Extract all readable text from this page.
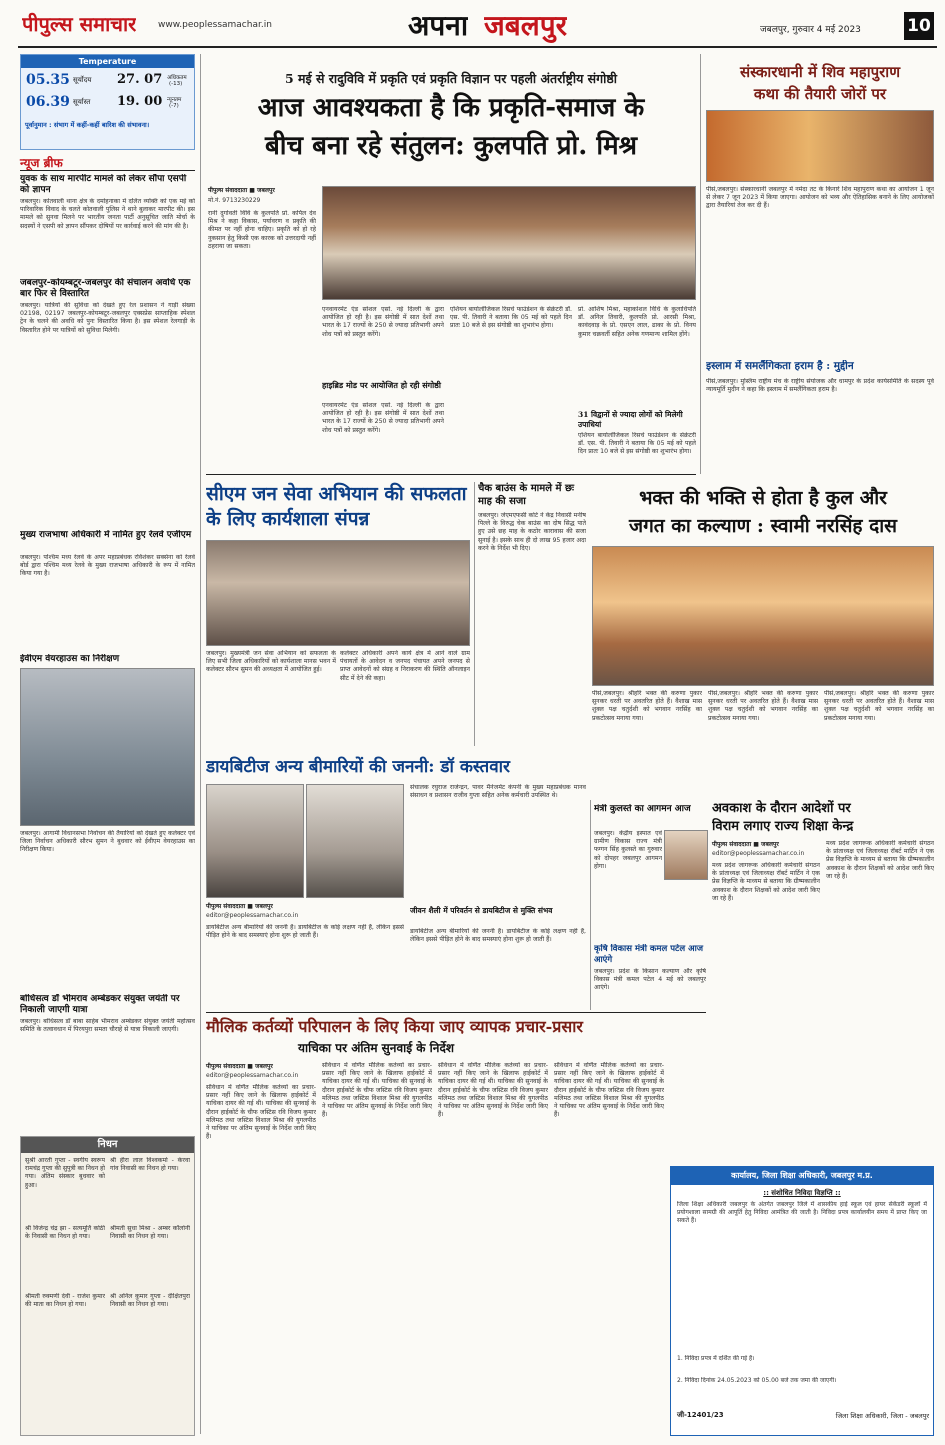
पीपुल्स समाचार www.peoplessamachar.in	अपना जबलपुर	जबलपुर, गुरुवार 4 मई 2023	10
Temperature
05.35 सूर्योदय 27. 07 अधिकतम
(-13)
06.39 सूर्यास्त 19. 00 न्यूनतम
(-7)
पूर्वानुमान : संभाग में कहीं-कहीं बारिश की संभावना।
न्यूज ब्रीफ
युवक के साथ मारपीट मामले को लेकर सौंपा एसपी को ज्ञापन
जबलपुर। कोतवाली थाना क्षेत्र के दमोहनाका में दलित व्यक्ति को एक मई को पारिवारिक विवाद के चलते कोतवाली पुलिस ने थाने बुलाकर मारपीट की। इस मामले को सुनवा मिलने पर भारतीय जनता पार्टी अनुसूचित जाति मोर्चा के सदस्यों ने एसपी को ज्ञापन सौंपकर दोषियों पर कार्रवाई करने की मांग की है।
जबलपुर-कोयम्बटूर-जबलपुर की संचालन अवधि एक बार फिर से विस्तारित
जबलपुर। यात्रियों की सुविधा को देखते हुए रेल प्रशासन ने गाड़ी संख्या 02198, 02197 जबलपुर-कोयम्बटूर-जबलपुर एक्सप्रेस साप्ताहिक स्पेशल ट्रेन के चलने की अवधि को पुनः विस्तारित किया है। इस स्पेशल रेलगाड़ी के विस्तारित होने पर यात्रियों को सुविधा मिलेगी।
मुख्य राजभाषा अधिकारी में नामित हुए रेलवे एजीएम
जबलपुर। पश्चिम मध्य रेलवे के अपर महाप्रबंधक रविशंकर सक्सेना को रेलवे बोर्ड द्वारा पश्चिम मध्य रेलवे के मुख्य राजभाषा अधिकारी के रूप में नामित किया गया है।
ईवीएम वेयरहाउस का निरीक्षण
जबलपुर। आगामी विधानसभा निर्वाचन की तैयारियों को देखते हुए कलेक्टर एवं जिला निर्वाचन अधिकारी सौरभ सुमन ने बुधवार को ईवीएम वेयरहाउस का निरीक्षण किया।
बोधिसत्व डॉ भीमराव अम्बेडकर संयुक्त जयंती पर निकाली जाएगी यात्रा
जबलपुर। बोधिसत्व डॉ बाबा साहेब भीमराव अम्बेडकर संयुक्त जयंती महोत्सव समिति के तत्वावधान में पिरयपुरा समता चौराहे से यात्रा निकाली जाएगी।
निधन
सुश्री आरती गुप्ता - स्वर्गीय स्वरूप रामचंद्र गुप्ता की सुपुत्री का निधन हो गया। अंतिम संस्कार बुधवार को हुआ।
श्री विजेन्द्र चंद्र झा - सत्यमूर्ति कोठी के निवासी का निधन हो गया।
श्रीमती रुक्मणी देवी - राजेश कुमार की माता का निधन हो गया।
श्री हीरा लाल विश्वकर्मा - केरवा गांव निवासी का निधन हो गया।
श्रीमती सुधा मिश्रा - अम्बर कॉलोनी निवासी का निधन हो गया।
श्री अनिल कुमार गुप्ता - दीक्षितपुरा निवासी का निधन हो गया।
5 मई से रादुविवि में प्रकृति एवं प्रकृति विज्ञान पर पहली अंतर्राष्ट्रीय संगोष्ठी
आज आवश्यकता है कि प्रकृति-समाज के
बीच बना रहे संतुलन: कुलपति प्रो. मिश्र
पीपुल्स संवाददाता ■ जबलपुर
मो.नं. 9713230229
रानी दुर्गावती विवि के कुलपति प्रो. कपिल देव मिश्र ने कहा विकास, पर्यावरण व प्रकृति की कीमत पर नहीं होना चाहिए। प्रकृति को हो रहे नुकसान हेतु किसी एक कारक को उत्तरदायी नहीं ठहराया जा सकता।
एनवायरमेंट एंड सोशल एसो. नई दिल्ली के द्वारा आयोजित हो रही है। इस संगोष्ठी में सात देशों तथा भारत के 17 राज्यों के 250 से ज्यादा प्रतिभागी अपने शोध पत्रों को प्रस्तुत करेंगे।
हाइब्रिड मोड पर आयोजित हो रही संगोष्ठी
एनवायरमेंट एंड सोशल एसो. नई दिल्ली के द्वारा आयोजित हो रही है। इस संगोष्ठी में सात देशों तथा भारत के 17 राज्यों के 250 से ज्यादा प्रतिभागी अपने शोध पत्रों को प्रस्तुत करेंगे।
एशियन बायोलॉजिकल रिसर्च फाउंडेशन के सेक्रेटरी डॉ. एस. पी. तिवारी ने बताया कि 05 मई को पहले दिन प्रातः 10 बजे से इस संगोष्ठी का शुभारंभ होगा।
प्रो. आशिष मिश्रा, महाकोशल विधि के कुलाधिपति डॉ. अनिल तिवारी, कुलपति प्रो. आरसी मिश्रा, कावंदवाड़ के प्रो. एसएन लाल, ढाका के प्रो. विनय कुमार चक्रवर्ती सहित अनेक गणमान्य शामिल होंगे।
31 विद्वानों से ज्यादा लोगों को मिलेगी उपाधियां
एशियन बायोलॉजिकल रिसर्च फाउंडेशन के सेक्रेटरी डॉ. एस. पी. तिवारी ने बताया कि 05 मई को पहले दिन प्रातः 10 बजे से इस संगोष्ठी का शुभारंभ होगा।
सीएम जन सेवा अभियान की सफलता के लिए कार्यशाला संपन्न
जबलपुर। मुख्यमंत्री जन सेवा अभियान को सफलता के लिए सभी जिला अधिकारियों को कार्यशाला मानस भवन में कलेक्टर सौरभ सुमन की अध्यक्षता में आयोजित हुई।
कलेक्टर अधिकारी अपने कार्य क्षेत्र में आने वाले ग्राम पंचायतों के आवेदन व जनपद पंचायत अपने जनपद से प्राप्त आवेदनों को संग्रह व निराकरण की स्थिति ऑनलाइन सीट में देने की कहा।
चैक बाउंस के मामले में छः माह की सजा
जबलपुर। जेएमएफसी कोर्ट ने केंद्र निवासी मनीष पिल्ले के विरुद्ध चेक बाउंस का दोष सिद्ध पाते हुए उसे छह माह के कठोर कारावास की सजा सुनाई है। इसके साथ ही दो लाख 95 हजार अदा करने के निर्देश भी दिए।
संस्कारधानी में शिव महापुराण
कथा की तैयारी जोरों पर
पीसं,जबलपुर। संस्कारधानी जबलपुर में नर्मदा तट के किनारे शिव महापुराण कथा का आयोजन 1 जून से लेकर 7 जून 2023 में किया जाएगा। आयोजन को भव्य और ऐतिहासिक बनाने के लिए आयोजकों द्वारा तैयारियां तेज कर दी हैं।
इस्लाम में समलैंगिकता हराम है : मुद्दीन
पीसं,जबलपुर। मुस्लिम राष्ट्रीय मंच के राष्ट्रीय संयोजक और धामपुर के प्रदेश कार्यसमिति के सदस्य पूर्व न्यायमूर्ति मुदीन ने कहा कि इस्लाम में समलैंगिकता हराम है।
भक्त की भक्ति से होता है कुल और
जगत का कल्याण : स्वामी नरसिंह दास
पीसं,जबलपुर। श्रीहरि भक्त की करुणा पुकार सुनकर धरती पर अवतरित होते हैं। वैशाख मास शुक्ल पक्ष चतुर्दशी को भगवान नरसिंह का प्रकटोत्सव मनाया गया।
पीसं,जबलपुर। श्रीहरि भक्त की करुणा पुकार सुनकर धरती पर अवतरित होते हैं। वैशाख मास शुक्ल पक्ष चतुर्दशी को भगवान नरसिंह का प्रकटोत्सव मनाया गया।
पीसं,जबलपुर। श्रीहरि भक्त की करुणा पुकार सुनकर धरती पर अवतरित होते हैं। वैशाख मास शुक्ल पक्ष चतुर्दशी को भगवान नरसिंह का प्रकटोत्सव मनाया गया।
डायबिटीज अन्य बीमारियों की जननी: डॉ कस्तवार
पीपुल्स संवाददाता ■ जबलपुर
editor@peoplessamachar.co.in
डायबिटीज अन्य बीमारियों की जननी है। डायबिटीज के कोई लक्षण नहीं हैं, लेकिन इससे पीड़ित होने के बाद समस्याएं होना शुरू हो जाती हैं।
संचालक रघुराज राजेन्द्रन, पावर मैनेजमेंट कंपनी के मुख्य महाप्रबंधक मानव संसाधन व प्रशासन राजीव गुप्ता सहित अनेक कर्मचारी उपस्थित थे।
जीवन शैली में परिवर्तन से डायबिटीज से मुक्ति संभव
डायबिटीज अन्य बीमारियों की जननी है। डायबिटीज के कोई लक्षण नहीं हैं, लेकिन इससे पीड़ित होने के बाद समस्याएं होना शुरू हो जाती हैं।
मंत्री कुलस्ते का आगमन आज
जबलपुर। केंद्रीय इस्पात एवं ग्रामीण विकास राज्य मंत्री फग्गन सिंह कुलस्ते का गुरुवार को दोपहर जबलपुर आगमन होगा।
कृषि विकास मंत्री कमल पटेल आज आएंगे
जबलपुर। प्रदेश के किसान कल्याण और कृषि विकास मंत्री कमल पटेल 4 मई को जबलपुर आएंगे।
अवकाश के दौरान आदेशों पर
विराम लगाए राज्य शिक्षा केन्द्र
पीपुल्स संवाददाता ■ जबलपुर
editor@peoplessamachar.co.in
मध्य प्रदेश जागरूक अधिकारी कर्मचारी संगठन के प्रांताध्यक्ष एवं जिलाध्यक्ष रॉबर्ट मार्टिन ने एक प्रेस विज्ञप्ति के माध्यम से बताया कि ग्रीष्मकालीन अवकाश के दौरान शिक्षकों को आदेश जारी किए जा रहे हैं।
मध्य प्रदेश जागरूक अधिकारी कर्मचारी संगठन के प्रांताध्यक्ष एवं जिलाध्यक्ष रॉबर्ट मार्टिन ने एक प्रेस विज्ञप्ति के माध्यम से बताया कि ग्रीष्मकालीन अवकाश के दौरान शिक्षकों को आदेश जारी किए जा रहे हैं।
मौलिक कर्तव्यों परिपालन के लिए किया जाए व्यापक प्रचार-प्रसार
याचिका पर अंतिम सुनवाई के निर्देश
पीपुल्स संवाददाता ■ जबलपुर
editor@peoplessamachar.co.in
संविधान में वर्णित मौलिक कर्तव्यों का प्रचार-प्रसार नहीं किए जाने के खिलाफ हाईकोर्ट में याचिका दायर की गई थी। याचिका की सुनवाई के दौरान हाईकोर्ट के चीफ जस्टिस रवि विजय कुमार मलिमठ तथा जस्टिस विशाल मिश्रा की युगलपीठ ने याचिका पर अंतिम सुनवाई के निर्देश जारी किए हैं।
संविधान में वर्णित मौलिक कर्तव्यों का प्रचार-प्रसार नहीं किए जाने के खिलाफ हाईकोर्ट में याचिका दायर की गई थी। याचिका की सुनवाई के दौरान हाईकोर्ट के चीफ जस्टिस रवि विजय कुमार मलिमठ तथा जस्टिस विशाल मिश्रा की युगलपीठ ने याचिका पर अंतिम सुनवाई के निर्देश जारी किए हैं।
संविधान में वर्णित मौलिक कर्तव्यों का प्रचार-प्रसार नहीं किए जाने के खिलाफ हाईकोर्ट में याचिका दायर की गई थी। याचिका की सुनवाई के दौरान हाईकोर्ट के चीफ जस्टिस रवि विजय कुमार मलिमठ तथा जस्टिस विशाल मिश्रा की युगलपीठ ने याचिका पर अंतिम सुनवाई के निर्देश जारी किए हैं।
संविधान में वर्णित मौलिक कर्तव्यों का प्रचार-प्रसार नहीं किए जाने के खिलाफ हाईकोर्ट में याचिका दायर की गई थी। याचिका की सुनवाई के दौरान हाईकोर्ट के चीफ जस्टिस रवि विजय कुमार मलिमठ तथा जस्टिस विशाल मिश्रा की युगलपीठ ने याचिका पर अंतिम सुनवाई के निर्देश जारी किए हैं।
कार्यालय, जिला शिक्षा अधिकारी, जबलपुर म.प्र.
:: संशोधित निविदा विज्ञप्ति ::
जिला शिक्षा अधिकारी जबलपुर के अंतर्गत जबलपुर जिले में शासकीय हाई स्कूल एवं हायर सेकेंडरी स्कूलों में प्रयोगशाला सामग्री की आपूर्ति हेतु निविदा आमंत्रित की जाती है। निविदा प्रपत्र कार्यालयीन समय में प्राप्त किए जा सकते हैं।
1. निविदा प्रपत्र में दर्शित की गई है।
2. निविदा दिनांक 24.05.2023 को 05.00 बजे तक जमा की जाएगी।
जी-12401/23	जिला शिक्षा अधिकारी, जिला - जबलपुर
